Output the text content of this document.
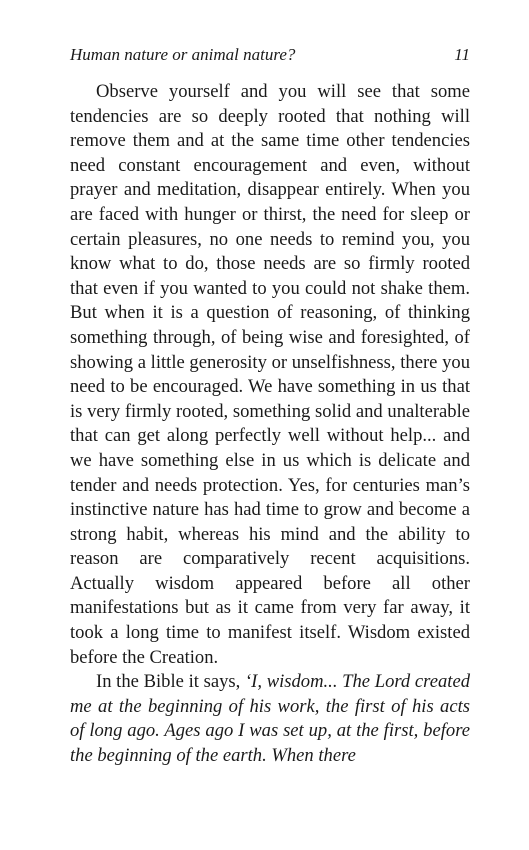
Human nature or animal nature?	11

Observe yourself and you will see that some tendencies are so deeply rooted that nothing will remove them and at the same time other tendencies need constant encouragement and even, without prayer and meditation, disappear entirely. When you are faced with hunger or thirst, the need for sleep or certain pleasures, no one needs to remind you, you know what to do, those needs are so firmly rooted that even if you wanted to you could not shake them. But when it is a question of reasoning, of thinking something through, of being wise and foresighted, of showing a little generosity or unselfishness, there you need to be encouraged. We have something in us that is very firmly rooted, something solid and unalterable that can get along perfectly well without help... and we have something else in us which is delicate and tender and needs protection. Yes, for centuries man’s instinctive nature has had time to grow and become a strong habit, whereas his mind and the ability to reason are comparatively recent acquisitions. Actually wisdom appeared before all other manifestations but as it came from very far away, it took a long time to manifest itself. Wisdom existed before the Creation.

In the Bible it says, ‘I, wisdom... The Lord created me at the beginning of his work, the first of his acts of long ago. Ages ago I was set up, at the first, before the beginning of the earth. When there
